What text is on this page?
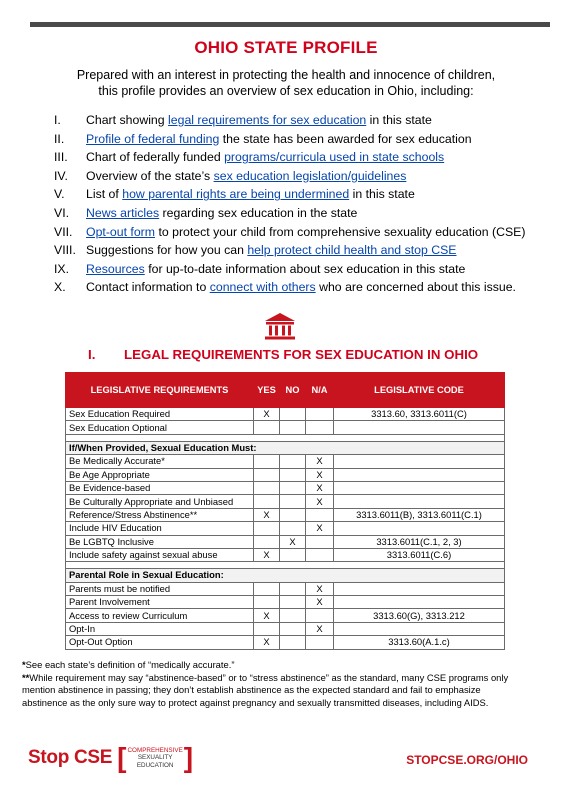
OHIO STATE PROFILE
Prepared with an interest in protecting the health and innocence of children,
this profile provides an overview of sex education in Ohio, including:
I. Chart showing legal requirements for sex education in this state
II. Profile of federal funding the state has been awarded for sex education
III. Chart of federally funded programs/curricula used in state schools
IV. Overview of the state’s sex education legislation/guidelines
V. List of how parental rights are being undermined in this state
VI. News articles regarding sex education in the state
VII. Opt-out form to protect your child from comprehensive sexuality education (CSE)
VIII. Suggestions for how you can help protect child health and stop CSE
IX. Resources for up-to-date information about sex education in this state
X. Contact information to connect with others who are concerned about this issue.
I. LEGAL REQUIREMENTS FOR SEX EDUCATION IN OHIO
LEGISLATIVE REQUIREMENTS	YES	NO	N/A	LEGISLATIVE CODE
Sex Education Required	X			3313.60, 3313.6011(C)
Sex Education Optional				

If/When Provided, Sexual Education Must:				
Be Medically Accurate*			X	
Be Age Appropriate			X	
Be Evidence-based			X	
Be Culturally Appropriate and Unbiased			X	
Reference/Stress Abstinence**	X			3313.6011(B), 3313.6011(C.1)
Include HIV Education			X	
Be LGBTQ Inclusive		X		3313.6011(C.1, 2, 3)
Include safety against sexual abuse	X			3313.6011(C.6)

Parental Role in Sexual Education:				
Parents must be notified			X	
Parent Involvement			X	
Access to review Curriculum	X			3313.60(G), 3313.212
Opt-In			X	
Opt-Out Option	X			3313.60(A.1.c)
*See each state’s definition of “medically accurate.”
**While requirement may say “abstinence-based” or to “stress abstinence” as the standard, many CSE programs only mention abstinence in passing; they don’t establish abstinence as the expected standard and fail to emphasize abstinence as the only sure way to protect against pregnancy and sexually transmitted diseases, including AIDS.
Stop CSE [ COMPREHENSIVE
SEXUALITY
EDUCATION ]	STOPCSE.ORG/OHIO
